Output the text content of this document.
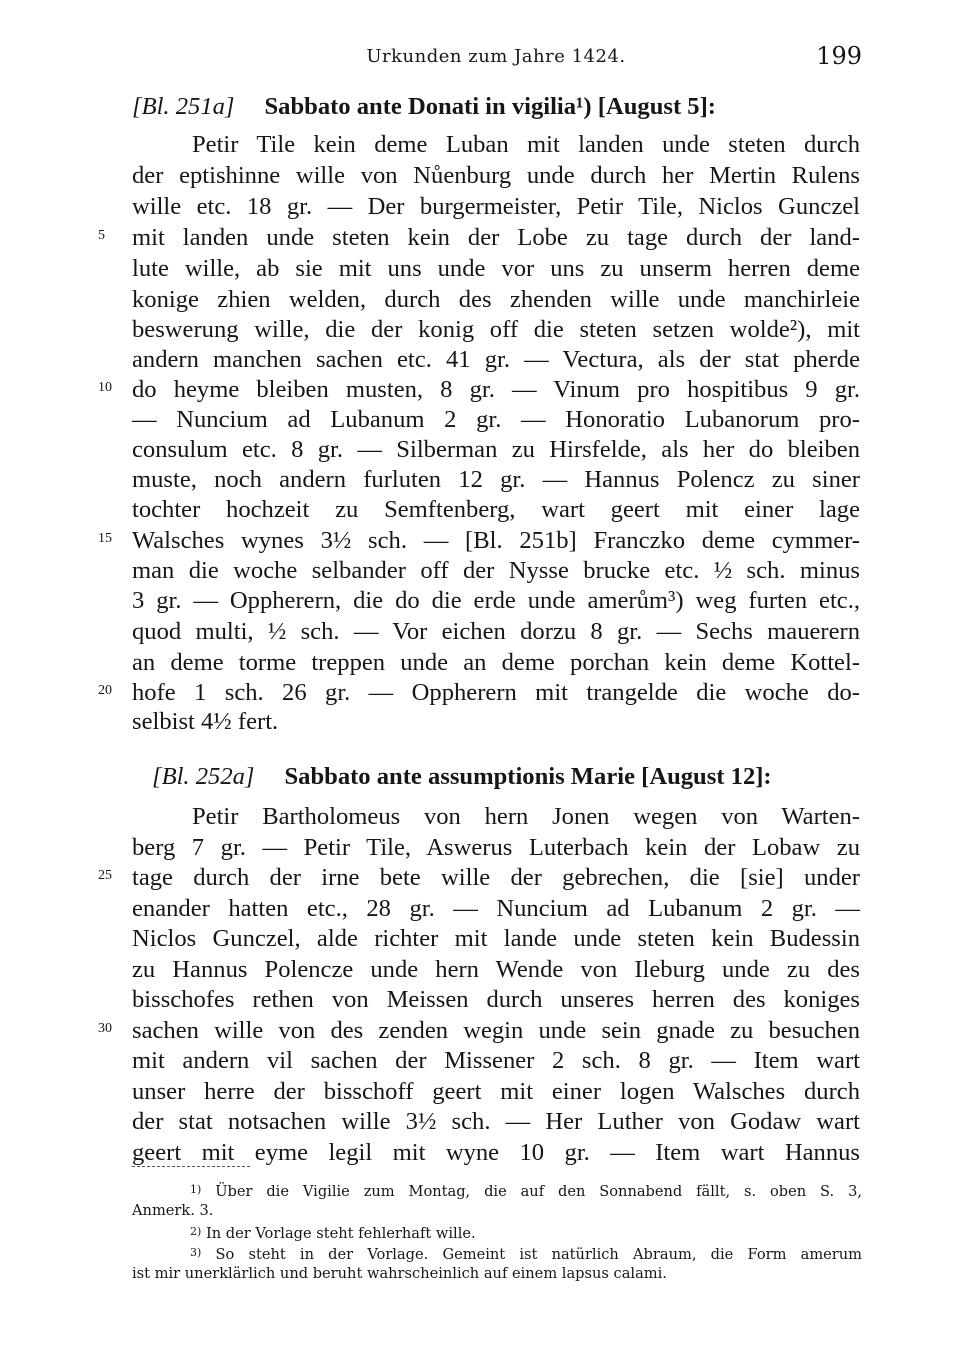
Urkunden zum Jahre 1424.	199
[Bl. 251a] Sabbato ante Donati in vigilia¹) [August 5]:
Petir Tile kein deme Luban mit landen unde steten durch
der eptishinne wille von Nůenburg unde durch her Mertin Rulens
wille etc. 18 gr. — Der burgermeister, Petir Tile, Niclos Gunczel
mit landen unde steten kein der Lobe zu tage durch der land-
lute wille, ab sie mit uns unde vor uns zu unserm herren deme
konige zhien welden, durch des zhenden wille unde manchirleie
beswerung wille, die der konig off die steten setzen wolde²), mit
andern manchen sachen etc. 41 gr. — Vectura, als der stat pherde
do heyme bleiben musten, 8 gr. — Vinum pro hospitibus 9 gr.
— Nuncium ad Lubanum 2 gr. — Honoratio Lubanorum pro-
consulum etc. 8 gr. — Silberman zu Hirsfelde, als her do bleiben
muste, noch andern furluten 12 gr. — Hannus Polencz zu siner
tochter hochzeit zu Semftenberg, wart geert mit einer lage
Walsches wynes 3½ sch. — [Bl. 251b] Franczko deme cymmer-
man die woche selbander off der Nysse brucke etc. ½ sch. minus
3 gr. — Oppherern, die do die erde unde amerům³) weg furten etc.,
quod multi, ½ sch. — Vor eichen dorzu 8 gr. — Sechs mauerern
an deme torme treppen unde an deme porchan kein deme Kottel-
hofe 1 sch. 26 gr. — Oppherern mit trangelde die woche do-
selbist 4½ fert.
[Bl. 252a] Sabbato ante assumptionis Marie [August 12]:
Petir Bartholomeus von hern Jonen wegen von Warten-
berg 7 gr. — Petir Tile, Aswerus Luterbach kein der Lobaw zu
tage durch der irne bete wille der gebrechen, die [sie] under
enander hatten etc., 28 gr. — Nuncium ad Lubanum 2 gr. —
Niclos Gunczel, alde richter mit lande unde steten kein Budessin
zu Hannus Polencze unde hern Wende von Ileburg unde zu des
bisschofes rethen von Meissen durch unseres herren des koniges
sachen wille von des zenden wegin unde sein gnade zu besuchen
mit andern vil sachen der Missener 2 sch. 8 gr. — Item wart
unser herre der bisschoff geert mit einer logen Walsches durch
der stat notsachen wille 3½ sch. — Her Luther von Godaw wart
geert mit eyme legil mit wyne 10 gr. — Item wart Hannus
5
10
15
20
25
30
$^{1)}$ Über die Vigilie zum Montag, die auf den Sonnabend fällt, s. oben S. 3,
Anmerk. 3.
$^{2)}$ In der Vorlage steht fehlerhaft wille.
$^{3)}$ So steht in der Vorlage. Gemeint ist natürlich Abraum, die Form amerum
ist mir unerklärlich und beruht wahrscheinlich auf einem lapsus calami.
